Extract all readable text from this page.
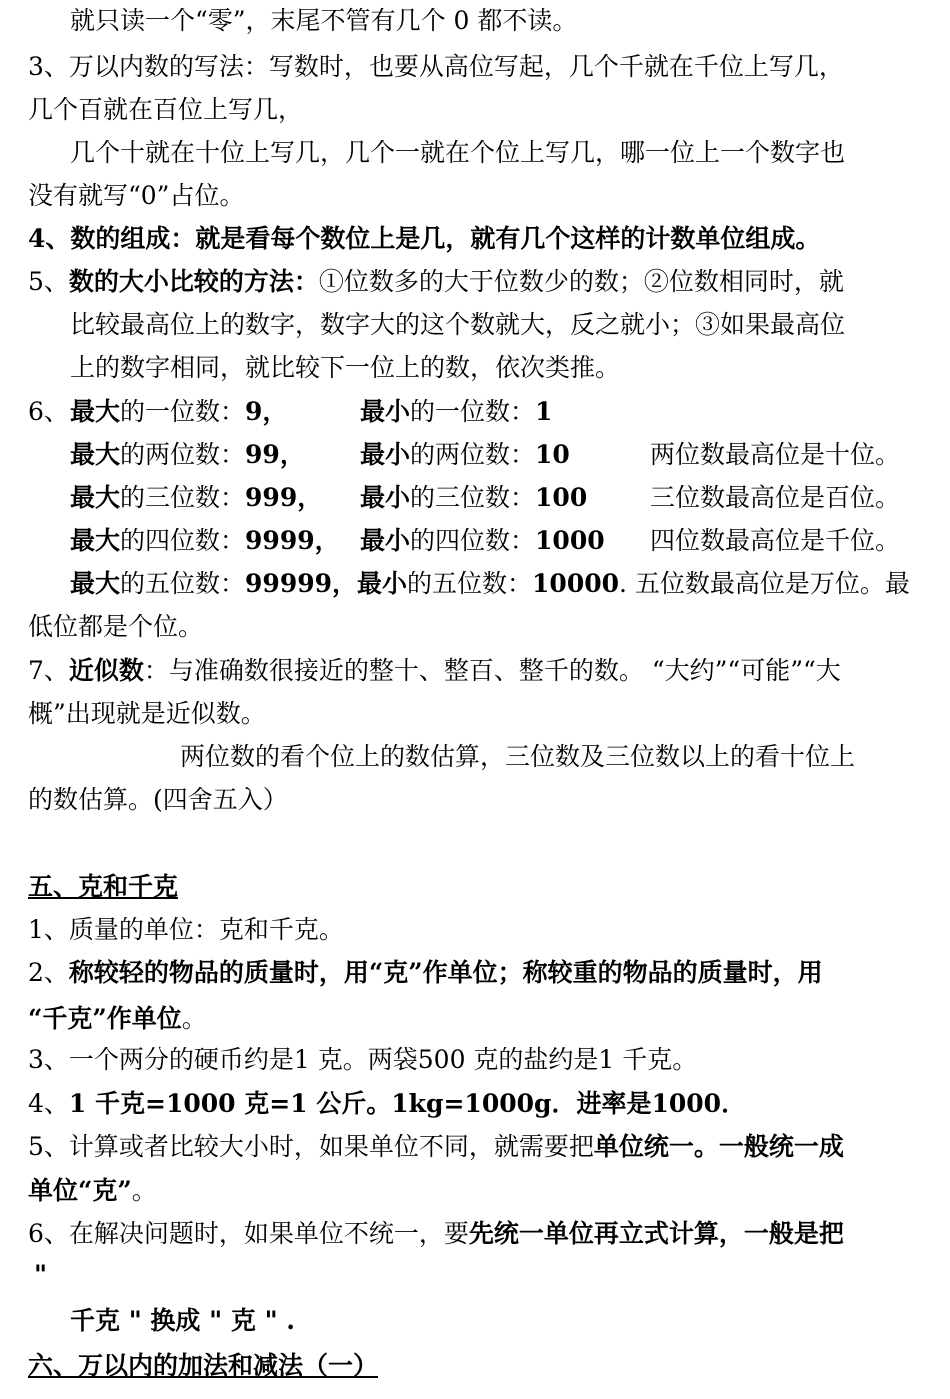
就只读一个“零”，末尾不管有几个 0 都不读。
3、万以内数的写法：写数时，也要从高位写起，几个千就在千位上写几，
几个百就在百位上写几，
几个十就在十位上写几，几个一就在个位上写几，哪一位上一个数字也
没有就写“0”占位。
4、数的组成：就是看每个数位上是几，就有几个这样的计数单位组成。
5、数的大小比较的方法：①位数多的大于位数少的数；②位数相同时，就
比较最高位上的数字，数字大的这个数就大，反之就小；③如果最高位
上的数字相同，就比较下一位上的数，依次类推。
6、 最大的一位数：9，	最小的一位数：1
最大的两位数：99， 最小的两位数：10	两位数最高位是十位。
最大的三位数：999， 最小的三位数：100	三位数最高位是百位。
最大的四位数：9999， 最小的四位数：1000 四位数最高位是千位。
最大的五位数：99999，最小的五位数：10000. 五位数最高位是万位。最
低位都是个位。
7、近似数：与准确数很接近的整十、整百、整千的数。 “大约”“可能”“大
概”出现就是近似数。
两位数的看个位上的数估算，三位数及三位数以上的看十位上
的数估算。(四舍五入）
五、克和千克
1、质量的单位：克和千克。
2、称较轻的物品的质量时，用“克”作单位；称较重的物品的质量时，用
“千克”作单位。
3、一个两分的硬币约是1 克。两袋500 克的盐约是1 千克。
4、1 千克=1000 克=1 公斤。1kg=1000g．进率是1000．
5、计算或者比较大小时，如果单位不同，就需要把单位统一。一般统一成
单位“克”。
6、在解决问题时，如果单位不统一，要先统一单位再立式计算，一般是把
"
千克 " 换成 " 克 " .
六、万以内的加法和减法（一）
